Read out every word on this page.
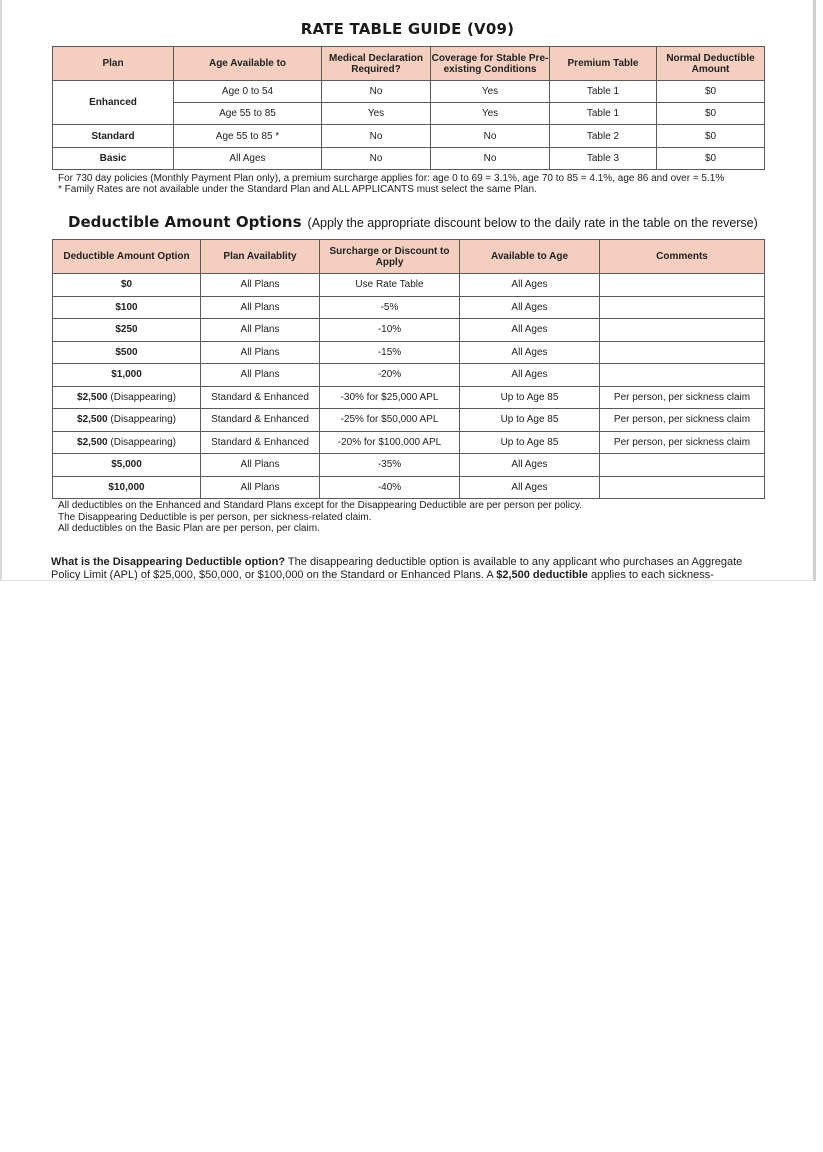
RATE TABLE GUIDE (V09)
Plan	Age Available to	Medical Declaration Required?	Coverage for Stable Pre-existing Conditions	Premium Table	Normal Deductible Amount
Enhanced	Age 0 to 54	No	Yes	Table 1	$0
	Age 55 to 85	Yes	Yes	Table 1	$0
Standard	Age 55 to 85 *	No	No	Table 2	$0
Basic	All Ages	No	No	Table 3	$0
For 730 day policies (Monthly Payment Plan only), a premium surcharge applies for: age 0 to 69 = 3.1%, age 70 to 85 = 4.1%, age 86 and over = 5.1%
* Family Rates are not available under the Standard Plan and ALL APPLICANTS must select the same Plan.
Deductible Amount Options (Apply the appropriate discount below to the daily rate in the table on the reverse)
Deductible Amount Option	Plan Availablity	Surcharge or Discount to Apply	Available to Age	Comments
$0	All Plans	Use Rate Table	All Ages	
$100	All Plans	-5%	All Ages	
$250	All Plans	-10%	All Ages	
$500	All Plans	-15%	All Ages	
$1,000	All Plans	-20%	All Ages	
$2,500 (Disappearing)	Standard & Enhanced	-30% for $25,000 APL	Up to Age 85	Per person, per sickness claim
$2,500 (Disappearing)	Standard & Enhanced	-25% for $50,000 APL	Up to Age 85	Per person, per sickness claim
$2,500 (Disappearing)	Standard & Enhanced	-20% for $100,000 APL	Up to Age 85	Per person, per sickness claim
$5,000	All Plans	-35%	All Ages	
$10,000	All Plans	-40%	All Ages	
All deductibles on the Enhanced and Standard Plans except for the Disappearing Deductible are per person per policy.
The Disappearing Deductible is per person, per sickness-related claim.
All deductibles on the Basic Plan are per person, per claim.
What is the Disappearing Deductible option? The disappearing deductible option is available to any applicant who purchases an Aggregate Policy Limit (APL) of $25,000, $50,000, or $100,000 on the Standard or Enhanced Plans. A $2,500 deductible applies to each sickness-
